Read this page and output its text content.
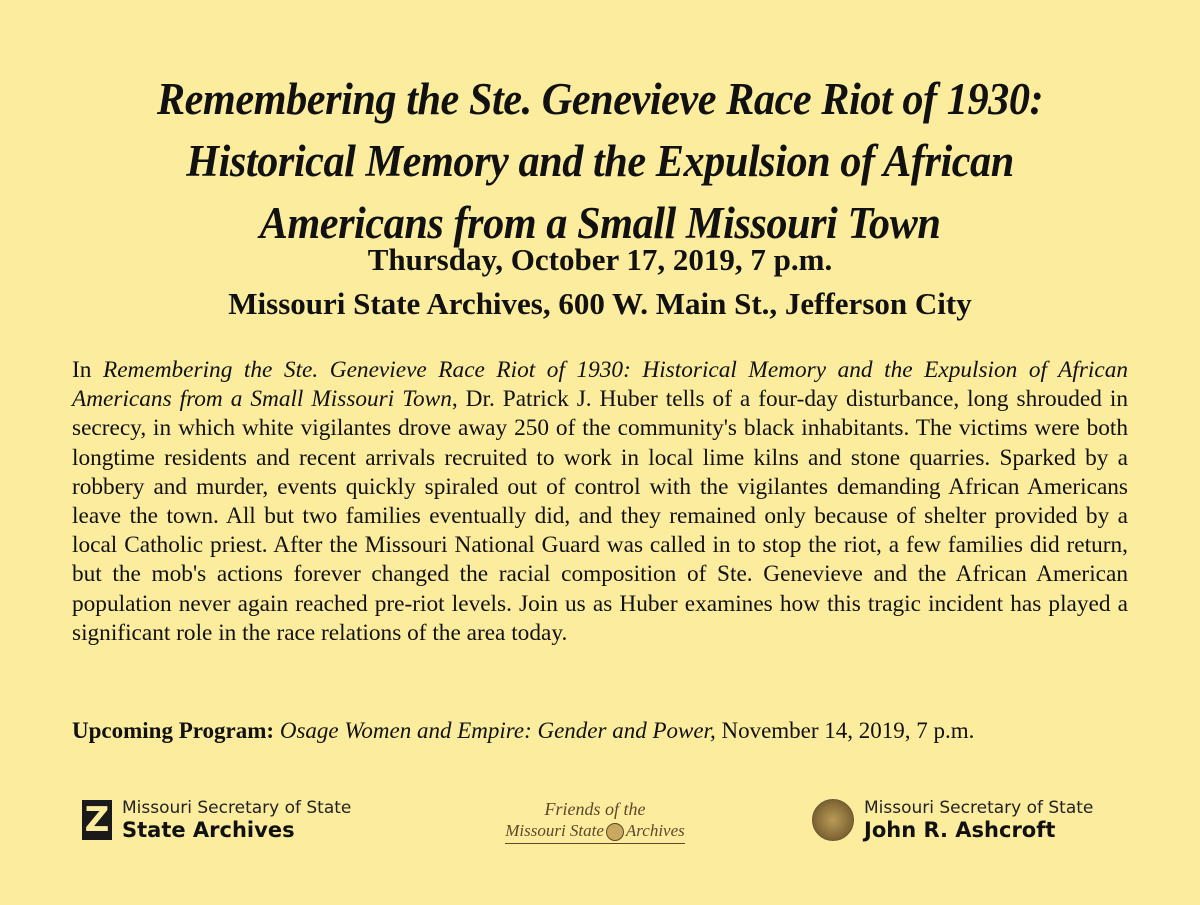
Remembering the Ste. Genevieve Race Riot of 1930:
Historical Memory and the Expulsion of African
Americans from a Small Missouri Town

Thursday, October 17, 2019, 7 p.m.

Missouri State Archives, 600 W. Main St., Jefferson City

In Remembering the Ste. Genevieve Race Riot of 1930: Historical Memory and the Expulsion of African Americans from a Small Missouri Town, Dr. Patrick J. Huber tells of a four-day disturbance, long shrouded in secrecy, in which white vigilantes drove away 250 of the community's black inhabitants. The victims were both longtime residents and recent arrivals recruited to work in local lime kilns and stone quarries. Sparked by a robbery and murder, events quickly spiraled out of control with the vigilantes demanding African Americans leave the town. All but two families eventually did, and they remained only because of shelter provided by a local Catholic priest. After the Missouri National Guard was called in to stop the riot, a few families did return, but the mob's actions forever changed the racial composition of Ste. Genevieve and the African American population never again reached pre-riot levels. Join us as Huber examines how this tragic incident has played a significant role in the race relations of the area today.

Upcoming Program: Osage Women and Empire: Gender and Power, November 14, 2019, 7 p.m.

Z Missouri Secretary of State
State Archives
Friends of the
Missouri State Archives
Missouri Secretary of State
John R. Ashcroft
